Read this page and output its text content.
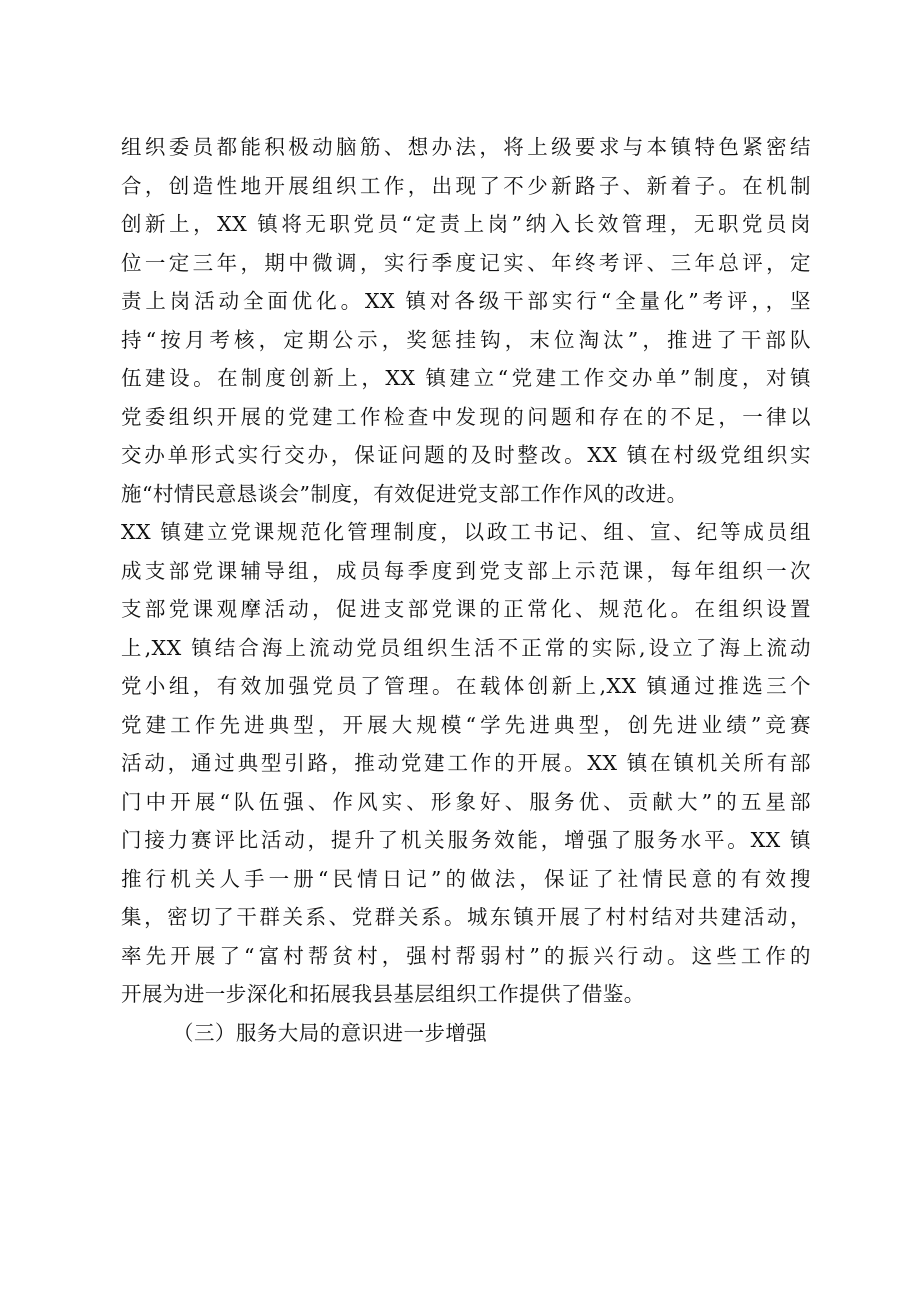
组织委员都能积极动脑筋、想办法，将上级要求与本镇特色紧密结
合，创造性地开展组织工作，出现了不少新路子、新着子。在机制
创新上，XX 镇将无职党员“定责上岗”纳入长效管理，无职党员岗
位一定三年，期中微调，实行季度记实、年终考评、三年总评，定
责上岗活动全面优化。XX 镇对各级干部实行“全量化”考评，，坚
持“按月考核，定期公示，奖惩挂钩，末位淘汰”，推进了干部队
伍建设。在制度创新上，XX 镇建立“党建工作交办单”制度，对镇
党委组织开展的党建工作检查中发现的问题和存在的不足，一律以
交办单形式实行交办，保证问题的及时整改。XX 镇在村级党组织实
施“村情民意恳谈会”制度，有效促进党支部工作作风的改进。
XX 镇建立党课规范化管理制度，以政工书记、组、宣、纪等成员组
成支部党课辅导组，成员每季度到党支部上示范课，每年组织一次
支部党课观摩活动，促进支部党课的正常化、规范化。在组织设置
上,XX 镇结合海上流动党员组织生活不正常的实际,设立了海上流动
党小组，有效加强党员了管理。在载体创新上,XX 镇通过推选三个
党建工作先进典型，开展大规模“学先进典型，创先进业绩”竞赛
活动，通过典型引路，推动党建工作的开展。XX 镇在镇机关所有部
门中开展“队伍强、作风实、形象好、服务优、贡献大”的五星部
门接力赛评比活动，提升了机关服务效能，增强了服务水平。XX 镇
推行机关人手一册“民情日记”的做法，保证了社情民意的有效搜
集，密切了干群关系、党群关系。城东镇开展了村村结对共建活动，
率先开展了“富村帮贫村，强村帮弱村”的振兴行动。这些工作的
开展为进一步深化和拓展我县基层组织工作提供了借鉴。
（三）服务大局的意识进一步增强
